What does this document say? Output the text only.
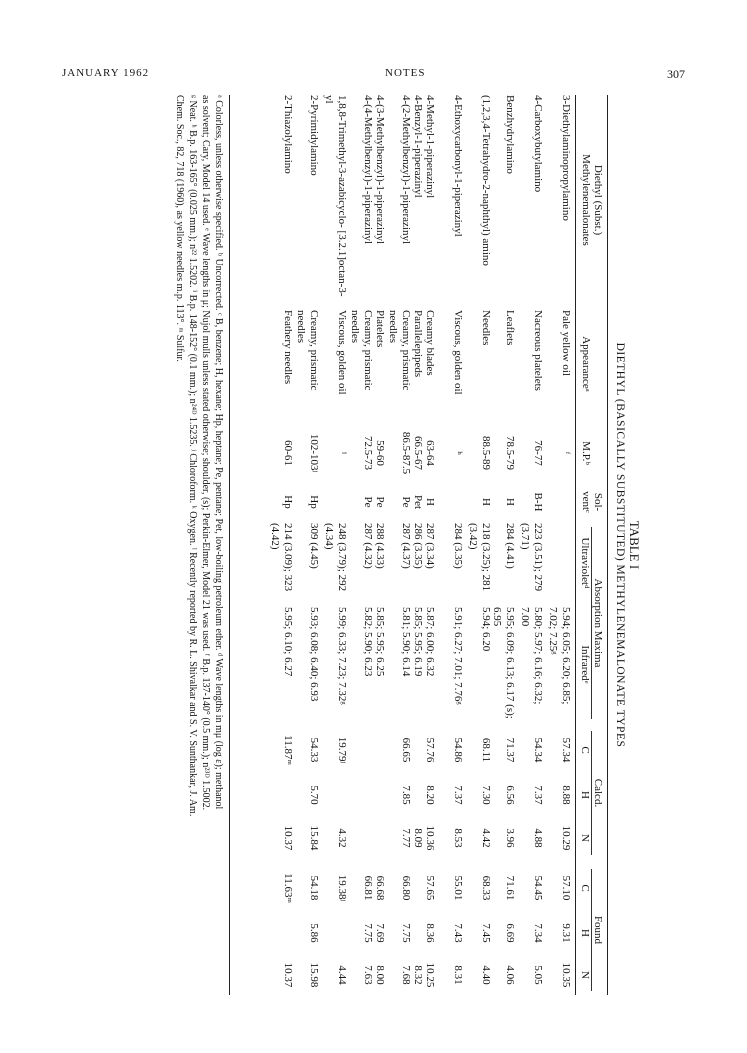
JANUARY 1962	NOTES	307
TABLE I
DIETHYL (BASICALLY SUBSTITUTED) METHYLENEMALONATE TYPES
Diethyl (Subst.)
Methylenemalonates
Appearanceᵃ
M.P.ᵇ
Sol-
ventᶜ
Absorption Maxima
Ultravioletᵈ
Infraredᵉ
Calcd.
Found
C
H
N
C
H
N
3-Diethylaminopropylamino
Pale yellow oil
ᶠ
5.94; 6.05; 6.20; 6.85; 7.02; 7.25ᵍ
57.34
8.88
10.29
57.10
9.31
10.35
4-Carboxybutylamino
Nacreous platelets
76-77
B-H
223 (3.51); 279 (3.71)
5.80; 5.97; 6.16; 6.32; 7.00
54.34
7.37
4.88
54.45
7.34
5.05
Benzhydrylamino
Leaflets
78.5-79
H
284 (4.41)
5.95; 6.09; 6.13; 6.17 (s); 6.95
71.37
6.56
3.96
71.61
6.69
4.06
(1,2,3,4-Tetrahydro-2-naphthyl) amino
Needles
88.5-89
H
218 (3.25); 281 (3.42)
5.94; 6.20
68.11
7.30
4.42
68.33
7.45
4.40
4-Ethoxycarbonyl-1-piperazinyl
Viscous, golden oil
ʰ
284 (3.35)
5.91; 6.27; 7.01; 7.76ᵍ
54.86
7.37
8.53
55.01
7.43
8.31
4-Methyl-1-piperazinyl
Creamy blades
63-64
H
287 (3.34)
5.87; 6.00; 6.32
57.76
8.20
10.36
57.65
8.36
10.25
4-Benzyl-1-piperazinyl
Parallelepipeds
66.5-67
Pet
286 (3.35)
5.85; 5.95; 6.19
8.09
8.32
4-(2-Methylbenzyl)-1-piperazinyl
Creamy, prismatic needles
86.5-87.5
Pe
287 (4.37)
5.81; 5.90; 6.14
66.65
7.85
7.77
66.80
7.75
7.68
4-(3-Methylbenzyl)-1-piperazinyl
Platelets
59-60
Pe
288 (4.33)
5.85; 5.95; 6.25
66.68
7.69
8.00
4-(4-Methylbenzyl)-1-piperazinyl
Creamy, prismatic needles
72.5-73
Pe
287 (4.32)
5.82; 5.90; 6.23
66.81
7.75
7.63
1,8,8-Trimethyl-3-azabicyclo- [3.2.1]octan-3-yl
Viscous, golden oil
ⁱ
248 (3.79); 292 (4.34)
5.99; 6.33; 7.23; 7.32ᵍ
19.79ʲ
4.32
19.38ʲ
4.44
2-Pyrimidylamino
Creamy, prismatic needles
102-103ʲ
Hp
309 (4.45)
5.93; 6.08; 6.40; 6.93
54.33
5.70
15.84
54.18
5.86
15.98
2-Thiazolylamino
Feathery needles
60-61
Hp
214 (3.09); 323 (4.42)
5.95; 6.10; 6.27
11.87ᵐ
10.37
11.63ᵐ
10.37
ᵃ Colorless, unless otherwise specified. ᵇ Uncorrected. ᶜ B, benzene; H, hexane; Hp, heptane; Pe, pentane; Pet, low-boiling petroleum ether. ᵈ Wave lengths in mμ (log ε); methanol
as solvent; Cary, Model 14 used. ᵉ Wave lengths in μ; Nujol mulls unless stated otherwise; shoulder, (s); Perkin-Elmer, Model 21 was used. ᶠ B.p. 137-140° (0.5 mm.); n²³ᴰ 1.5002.
ᵍ Neat. ʰ B.p. 163-165° (0.025 mm.); n²² 1.5202. ⁱ B.p. 148-152° (0.1 mm.); n²⁴ᴰ 1.5235. ʲ Chloroform. ᵏ Oxygen. ˡ Recently reported by R. L. Shivalkar and S. V. Sunthankar, J. Am.
Chem. Soc., 82, 718 (1960), as yellow needles m.p. 113°. ᵐ Sulfur.
